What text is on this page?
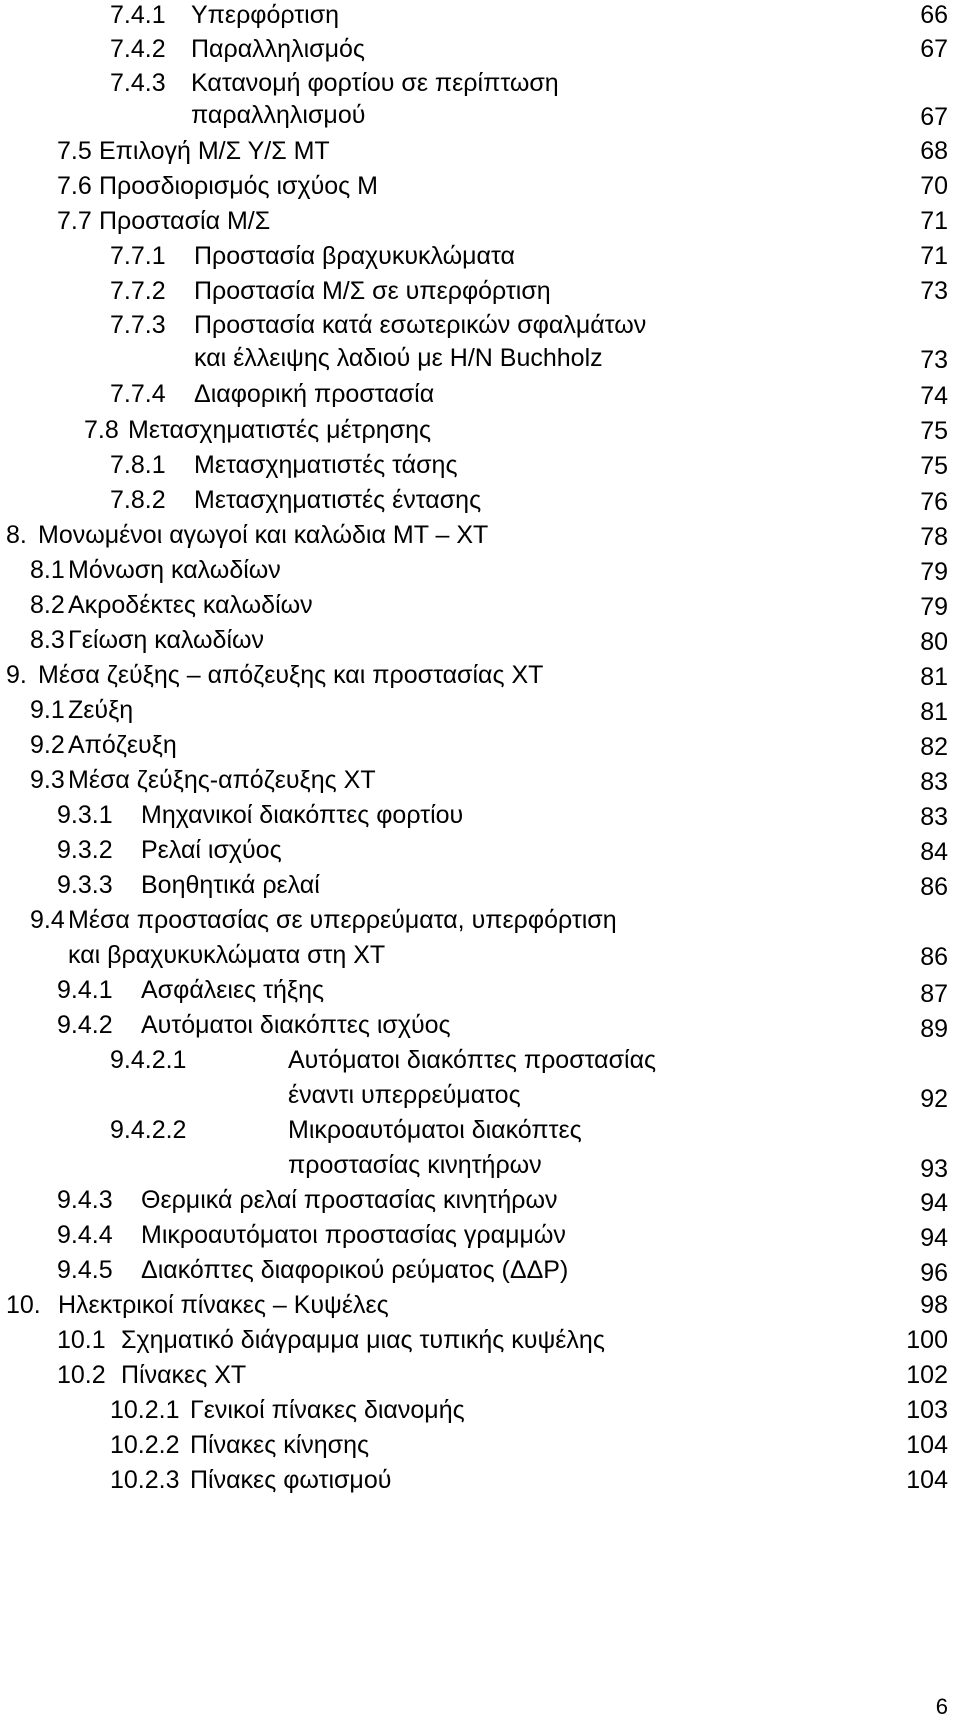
7.4.1 Υπερφόρτιση	66
7.4.2 Παραλληλισμός	67
7.4.3 Κατανομή φορτίου σε περίπτωση
παραλληλισμού	67
7.5 Επιλογή Μ/Σ Υ/Σ ΜΤ	68
7.6 Προσδιορισμός ισχύος Μ	70
7.7 Προστασία Μ/Σ	71
7.7.1 Προστασία βραχυκυκλώματα	71
7.7.2 Προστασία Μ/Σ σε υπερφόρτιση	73
7.7.3 Προστασία κατά εσωτερικών σφαλμάτων
και έλλειψης λαδιού με Η/Ν Buchholz	73
7.7.4 Διαφορική προστασία	74
7.8 Μετασχηματιστές μέτρησης	75
7.8.1 Μετασχηματιστές τάσης	75
7.8.2 Μετασχηματιστές έντασης	76
8. Μονωμένοι αγωγοί και καλώδια ΜΤ – ΧΤ	78
8.1 Μόνωση καλωδίων	79
8.2 Ακροδέκτες καλωδίων	79
8.3 Γείωση καλωδίων	80
9. Μέσα ζεύξης – απόζευξης και προστασίας ΧΤ	81
9.1 Ζεύξη	81
9.2 Απόζευξη	82
9.3 Μέσα ζεύξης-απόζευξης ΧΤ	83
9.3.1 Μηχανικοί διακόπτες φορτίου	83
9.3.2 Ρελαί ισχύος	84
9.3.3 Βοηθητικά ρελαί	86
9.4 Μέσα προστασίας σε υπερρεύματα, υπερφόρτιση
και βραχυκυκλώματα στη ΧΤ	86
9.4.1 Ασφάλειες τήξης	87
9.4.2 Αυτόματοι διακόπτες ισχύος	89
9.4.2.1	Αυτόματοι διακόπτες προστασίας
έναντι υπερρεύματος	92
9.4.2.2	Μικροαυτόματοι διακόπτες
προστασίας κινητήρων	93
9.4.3 Θερμικά ρελαί προστασίας κινητήρων	94
9.4.4 Μικροαυτόματοι προστασίας γραμμών	94
9.4.5 Διακόπτες διαφορικού ρεύματος (ΔΔΡ)	96
10. Ηλεκτρικοί πίνακες – Κυψέλες	98
10.1 Σχηματικό διάγραμμα μιας τυπικής κυψέλης	100
10.2 Πίνακες ΧΤ	102
10.2.1 Γενικοί πίνακες διανομής	103
10.2.2 Πίνακες κίνησης	104
10.2.3 Πίνακες φωτισμού	104
6
